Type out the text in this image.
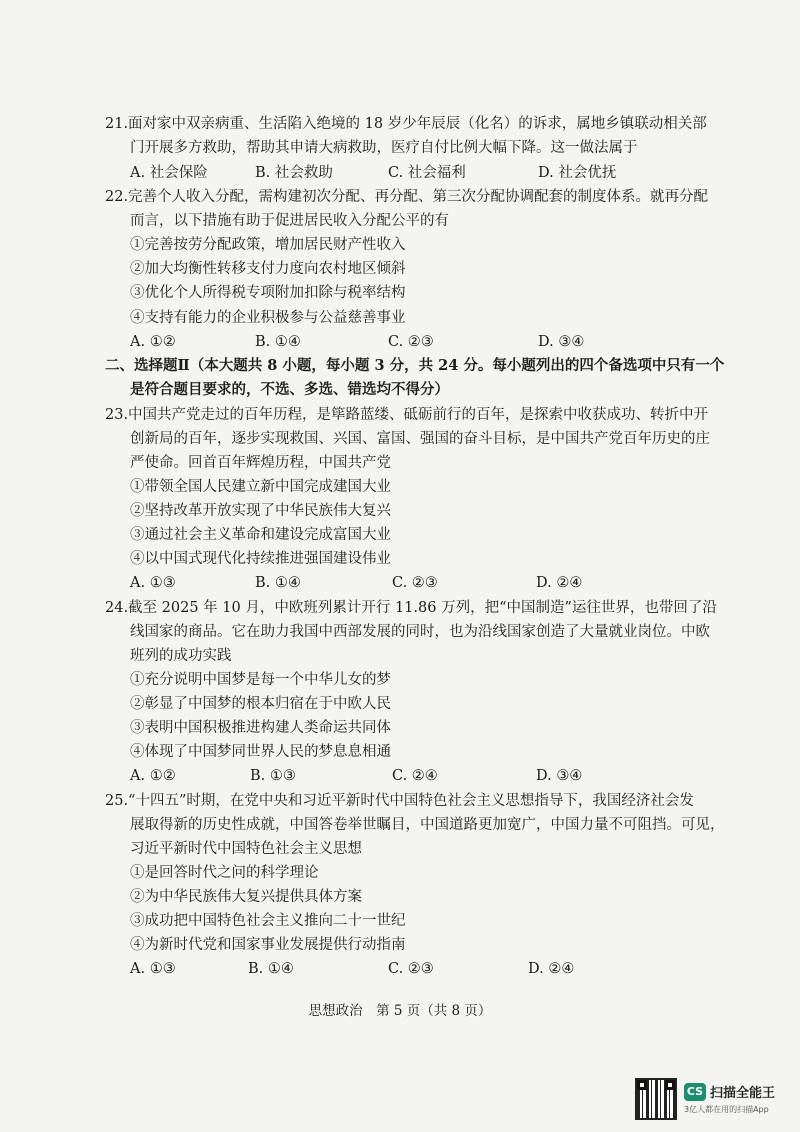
21.面对家中双亲病重、生活陷入绝境的 18 岁少年辰辰（化名）的诉求，属地乡镇联动相关部
门开展多方救助，帮助其申请大病救助，医疗自付比例大幅下降。这一做法属于
A. 社会保险	B. 社会救助	C. 社会福利	D. 社会优抚
22.完善个人收入分配，需构建初次分配、再分配、第三次分配协调配套的制度体系。就再分配
而言，以下措施有助于促进居民收入分配公平的有
①完善按劳分配政策，增加居民财产性收入
②加大均衡性转移支付力度向农村地区倾斜
③优化个人所得税专项附加扣除与税率结构
④支持有能力的企业积极参与公益慈善事业
A. ①②	B. ①④	C. ②③	D. ③④
二、选择题Ⅱ（本大题共 8 小题，每小题 3 分，共 24 分。每小题列出的四个备选项中只有一个
是符合题目要求的，不选、多选、错选均不得分）
23.中国共产党走过的百年历程，是筚路蓝缕、砥砺前行的百年，是探索中收获成功、转折中开
创新局的百年，逐步实现救国、兴国、富国、强国的奋斗目标，是中国共产党百年历史的庄
严使命。回首百年辉煌历程，中国共产党
①带领全国人民建立新中国完成建国大业
②坚持改革开放实现了中华民族伟大复兴
③通过社会主义革命和建设完成富国大业
④以中国式现代化持续推进强国建设伟业
A. ①③	B. ①④	C. ②③	D. ②④
24.截至 2025 年 10 月，中欧班列累计开行 11.86 万列，把“中国制造”运往世界，也带回了沿
线国家的商品。它在助力我国中西部发展的同时，也为沿线国家创造了大量就业岗位。中欧
班列的成功实践
①充分说明中国梦是每一个中华儿女的梦
②彰显了中国梦的根本归宿在于中欧人民
③表明中国积极推进构建人类命运共同体
④体现了中国梦同世界人民的梦息息相通
A. ①②	B. ①③	C. ②④	D. ③④
25.“十四五”时期，在党中央和习近平新时代中国特色社会主义思想指导下，我国经济社会发
展取得新的历史性成就，中国答卷举世瞩目，中国道路更加宽广，中国力量不可阻挡。可见，
习近平新时代中国特色社会主义思想
①是回答时代之问的科学理论
②为中华民族伟大复兴提供具体方案
③成功把中国特色社会主义推向二十一世纪
④为新时代党和国家事业发展提供行动指南
A. ①③	B. ①④	C. ②③	D. ②④
思想政治　第 5 页（共 8 页）
CS 扫描全能王
3亿人都在用的扫描App
